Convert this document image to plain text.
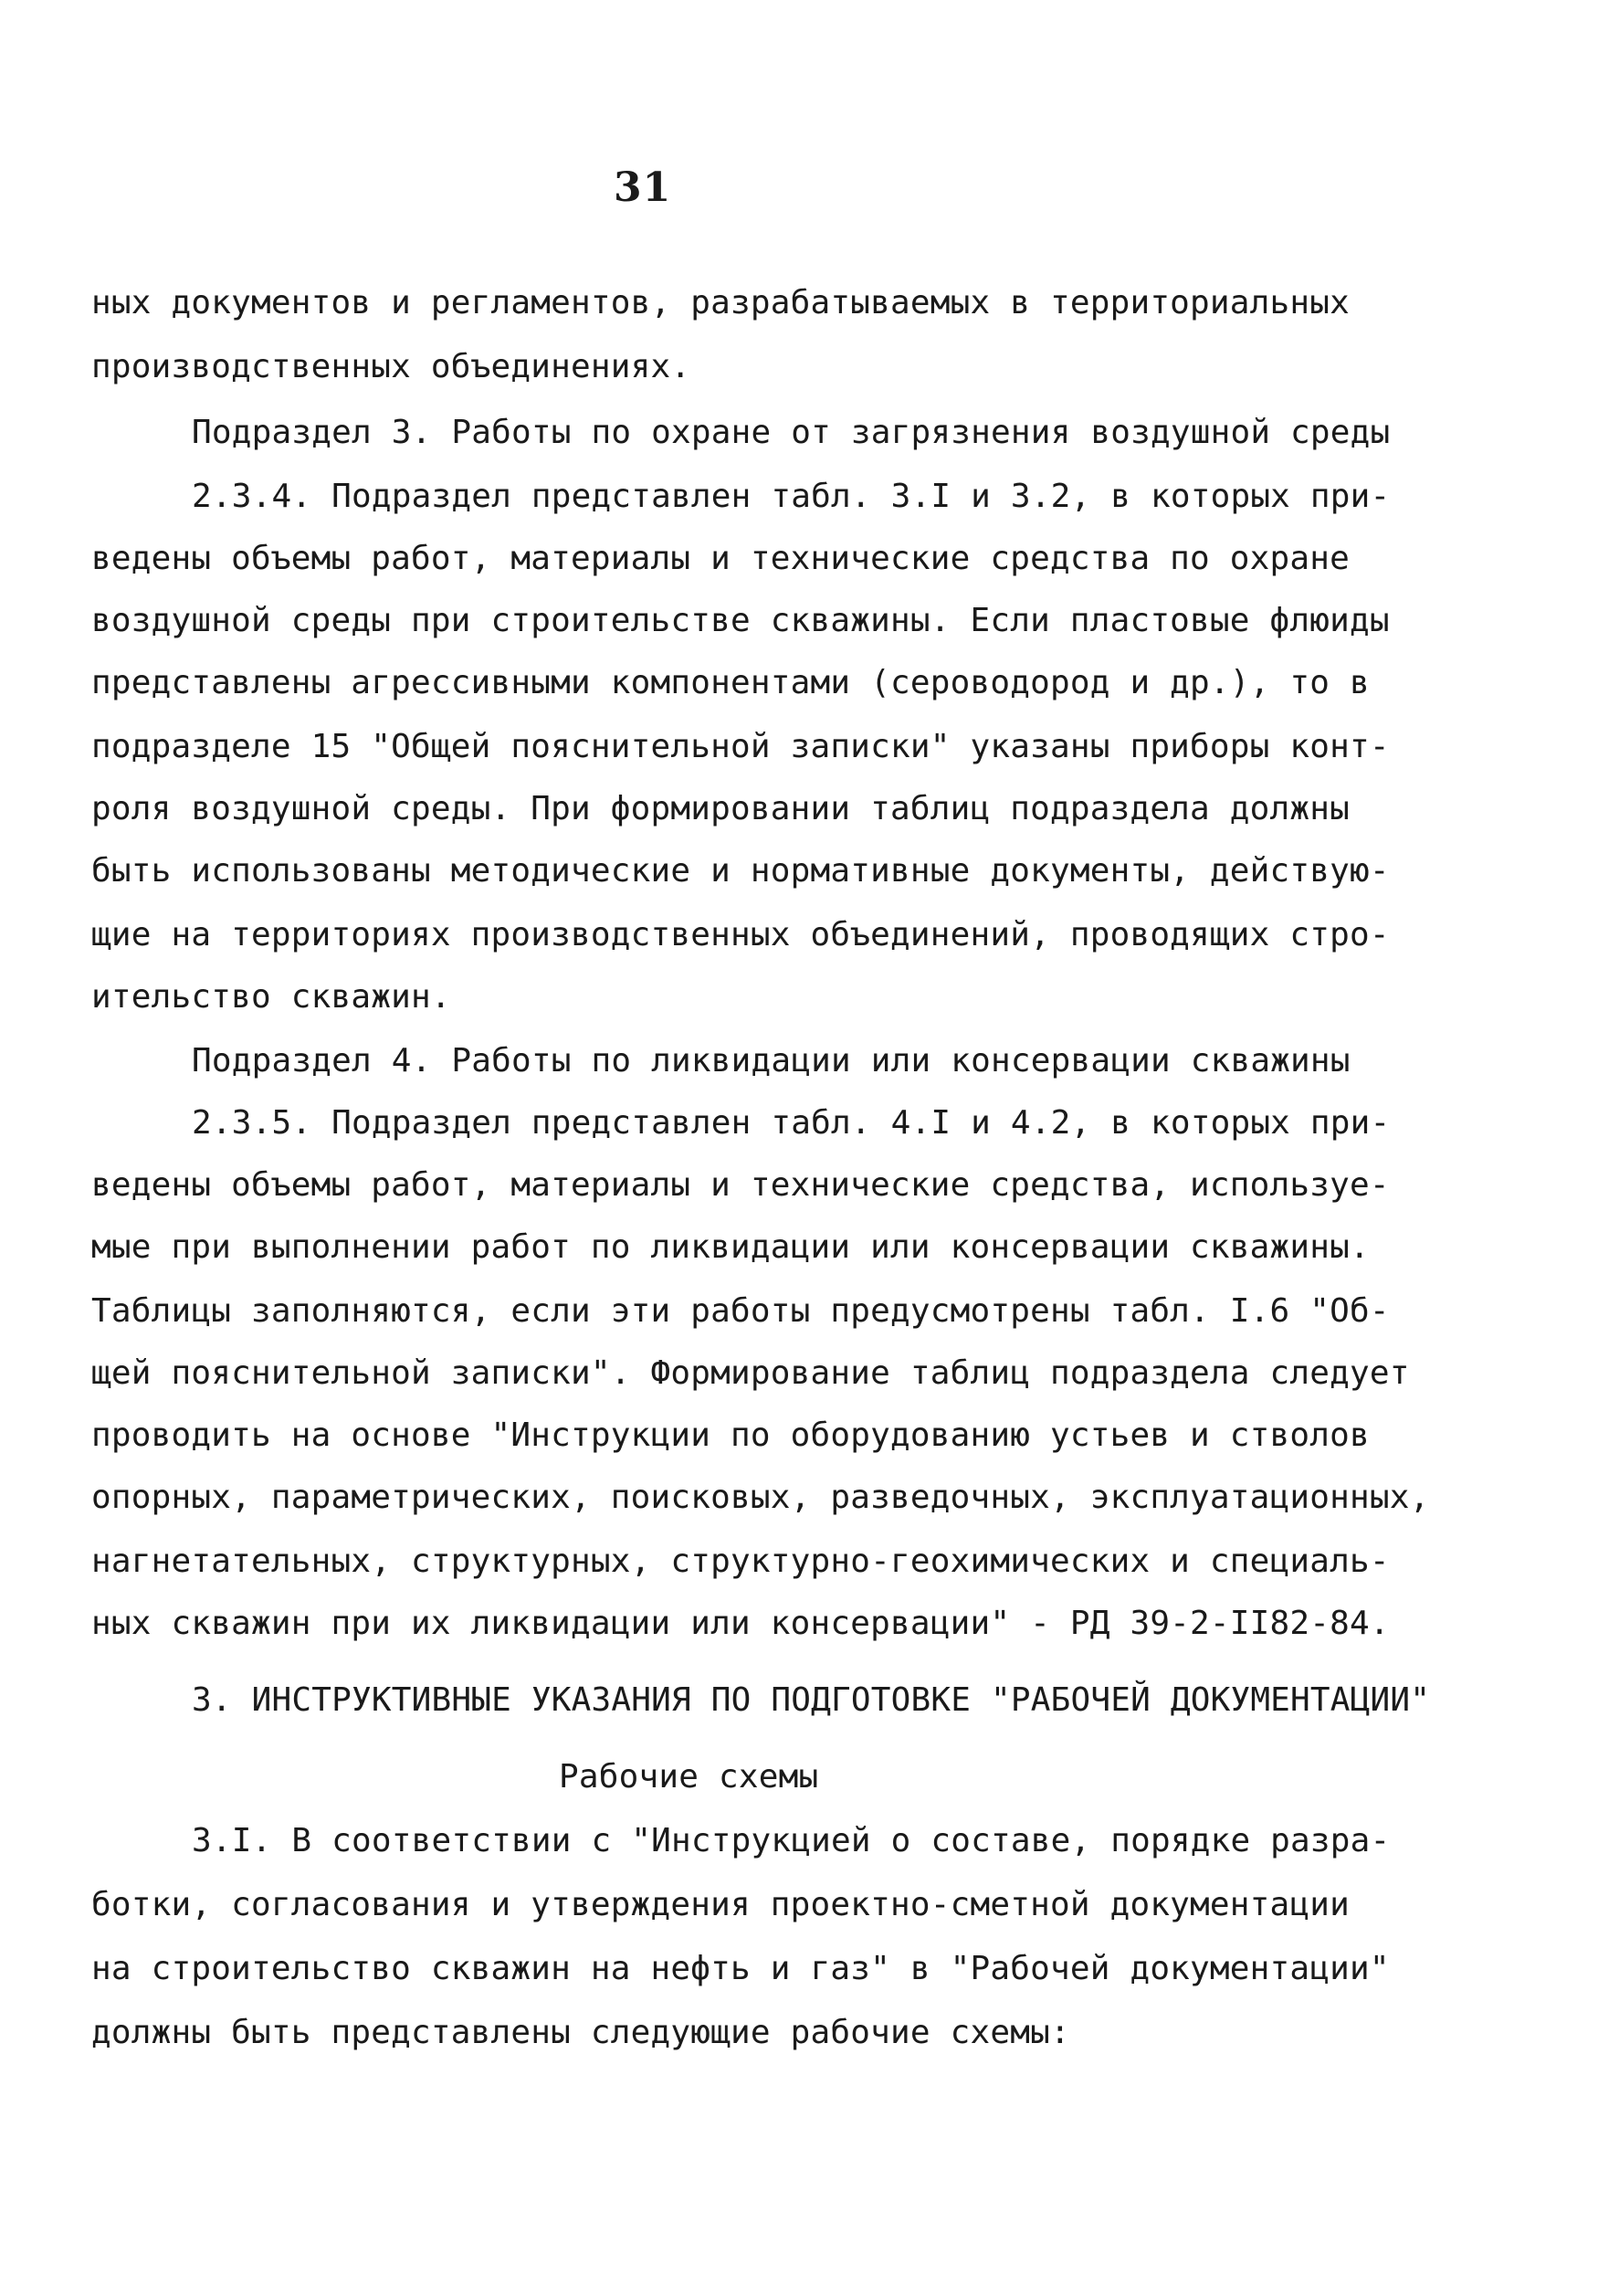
31
ных документов и регламентов, разрабатываемых в территориальных
производственных объединениях.
Подраздел 3. Работы по охране от загрязнения воздушной среды
2.3.4. Подраздел представлен табл. 3.I и 3.2, в которых при-
ведены объемы работ, материалы и технические средства по охране
воздушной среды при строительстве скважины. Если пластовые флюиды
представлены агрессивными компонентами (сероводород и др.), то в
подразделе 15 "Общей пояснительной записки" указаны приборы конт-
роля воздушной среды. При формировании таблиц подраздела должны
быть использованы методические и нормативные документы, действую-
щие на территориях производственных объединений, проводящих стро-
ительство скважин.
Подраздел 4. Работы по ликвидации или консервации скважины
2.3.5. Подраздел представлен табл. 4.I и 4.2, в которых при-
ведены объемы работ, материалы и технические средства, используе-
мые при выполнении работ по ликвидации или консервации скважины.
Таблицы заполняются, если эти работы предусмотрены табл. I.6 "Об-
щей пояснительной записки". Формирование таблиц подраздела следует
проводить на основе "Инструкции по оборудованию устьев и стволов
опорных, параметрических, поисковых, разведочных, эксплуатационных,
нагнетательных, структурных, структурно-геохимических и специаль-
ных скважин при их ликвидации или консервации" - РД 39-2-II82-84.
3. ИНСТРУКТИВНЫЕ УКАЗАНИЯ ПО ПОДГОТОВКЕ "РАБОЧЕЙ ДОКУМЕНТАЦИИ"
Рабочие схемы
3.I. В соответствии с "Инструкцией о составе, порядке разра-
ботки, согласования и утверждения проектно-сметной документации
на строительство скважин на нефть и газ" в "Рабочей документации"
должны быть представлены следующие рабочие схемы:
